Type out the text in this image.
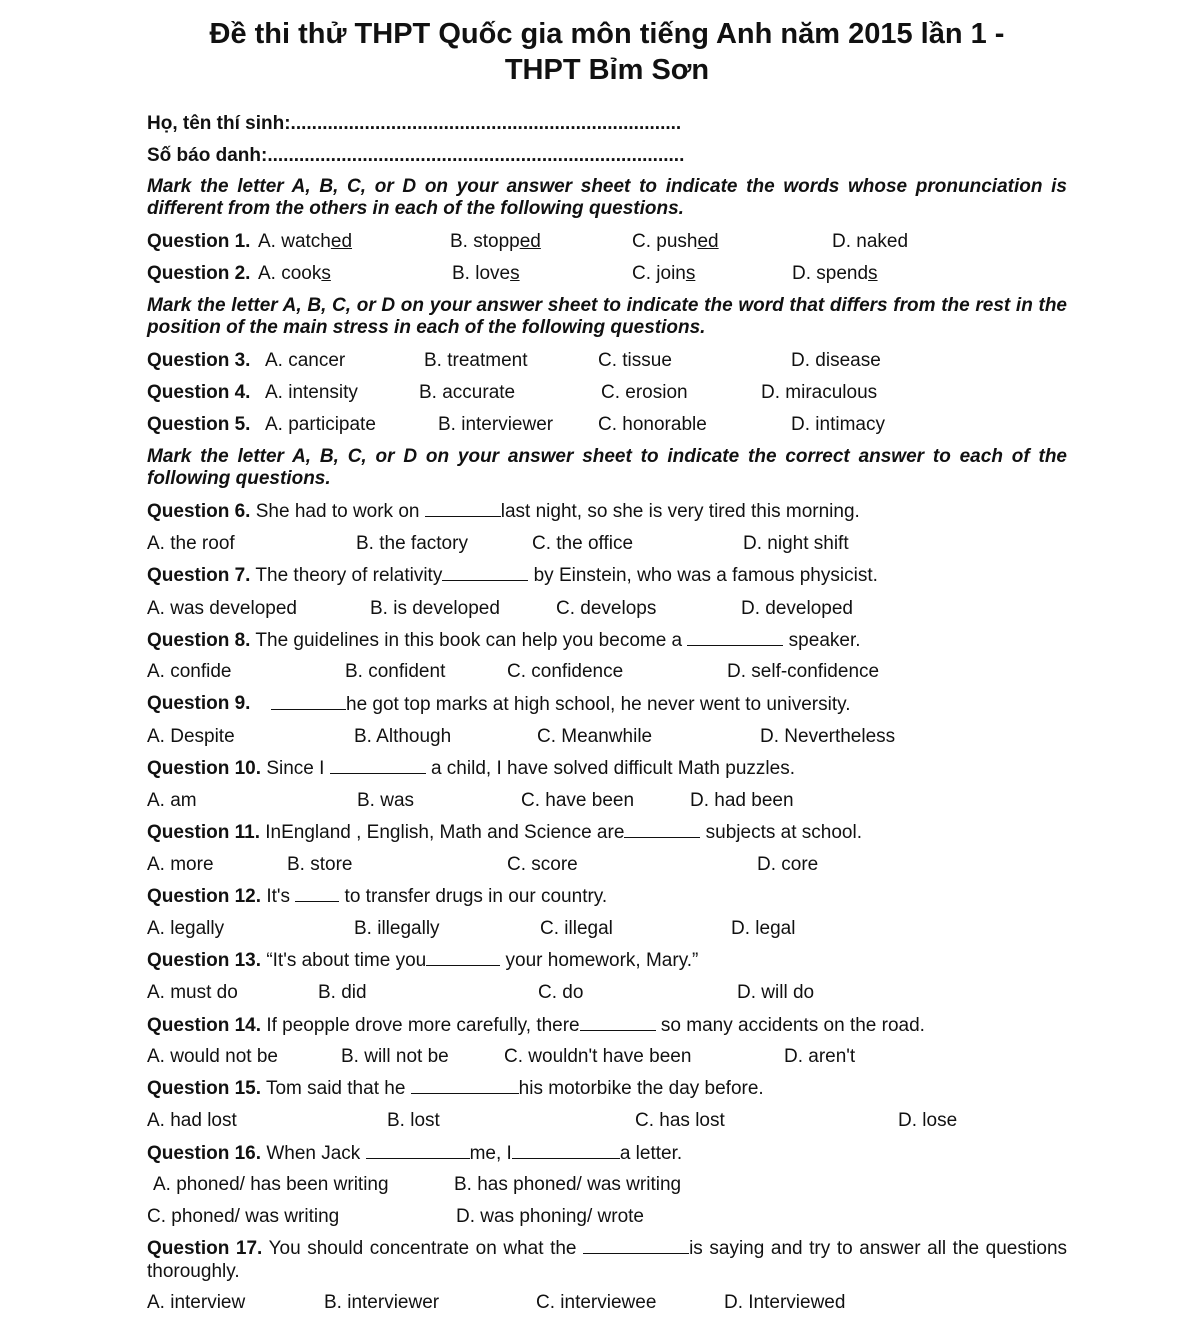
Đề thi thử THPT Quốc gia môn tiếng Anh năm 2015 lần 1 -
THPT Bỉm Sơn
Họ, tên thí sinh:..........................................................................
Số báo danh:...............................................................................
Mark the letter A, B, C, or D on your answer sheet to indicate the words whose pronunciation is different from the others in each of the following questions.
Question 1. A. watched	B. stopped	C. pushed	D. naked
Question 2. A. cooks	B. loves	C. joins	D. spends
Mark the letter A, B, C, or D on your answer sheet to indicate the word that differs from the rest in the position of the main stress in each of the following questions.
Question 3. A. cancer	B. treatment	C. tissue	D. disease
Question 4. A. intensity	B. accurate	C. erosion	D. miraculous
Question 5. A. participate	B. interviewer C. honorable	D. intimacy
Mark the letter A, B, C, or D on your answer sheet to indicate the correct answer to each of the following questions.
Question 6. She had to work on	last night, so she is very tired this morning.
A. the roof	B. the factory	C. the office	D. night shift
Question 7. The theory of relativity	by Einstein, who was a famous physicist.
A. was developed	B. is developed	C. develops	D. developed
Question 8. The guidelines in this book can help you become a	speaker.
A. confide	B. confident	C. confidence	D. self-confidence
Question 9.	he got top marks at high school, he never went to university.
A. Despite	B. Although	C. Meanwhile	D. Nevertheless
Question 10. Since I	a child, I have solved difficult Math puzzles.
A. am	B. was	C. have been	D. had been
Question 11. InEngland , English, Math and Science are	subjects at school.
A. more	B. store	C. score	D. core
Question 12. It's  to transfer drugs in our country.
A. legally	B. illegally	C. illegal	D. legal
Question 13. “It's about time you	your homework, Mary.”
A. must do	B. did	C. do	D. will do
Question 14. If peopple drove more carefully, there	so many accidents on the road.
A. would not be	B. will not be	C. wouldn't have been	D. aren't
Question 15. Tom said that he	his motorbike the day before.
A. had lost	B. lost	C. has lost	D. lose
Question 16. When Jack	me, I	a letter.
A. phoned/ has been writing	B. has phoned/ was writing
C. phoned/ was writing	D. was phoning/ wrote
Question 17. You should concentrate on what the	is saying and try to answer all the questions thoroughly.
A. interview	B. interviewer	C. interviewee	D. Interviewed
